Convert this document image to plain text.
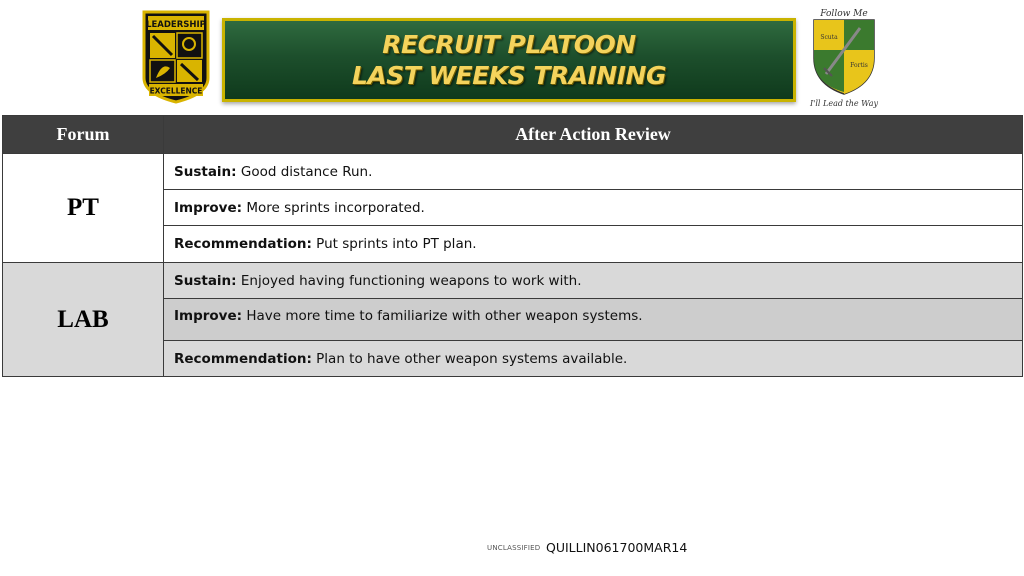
LEADERSHIP
EXCELLENCE
RECRUIT PLATOON
LAST WEEKS TRAINING
Follow Me
Scuta
Fortis
I'll Lead the Way
Forum	After Action Review
PT	Sustain: Good distance Run.
	Improve: More sprints incorporated.
	Recommendation: Put sprints into PT plan.
LAB	Sustain: Enjoyed having functioning weapons to work with.
	Improve: Have more time to familiarize with other weapon systems.
	Recommendation: Plan to have other weapon systems available.
UNCLASSIFIED QUILLIN061700MAR14
